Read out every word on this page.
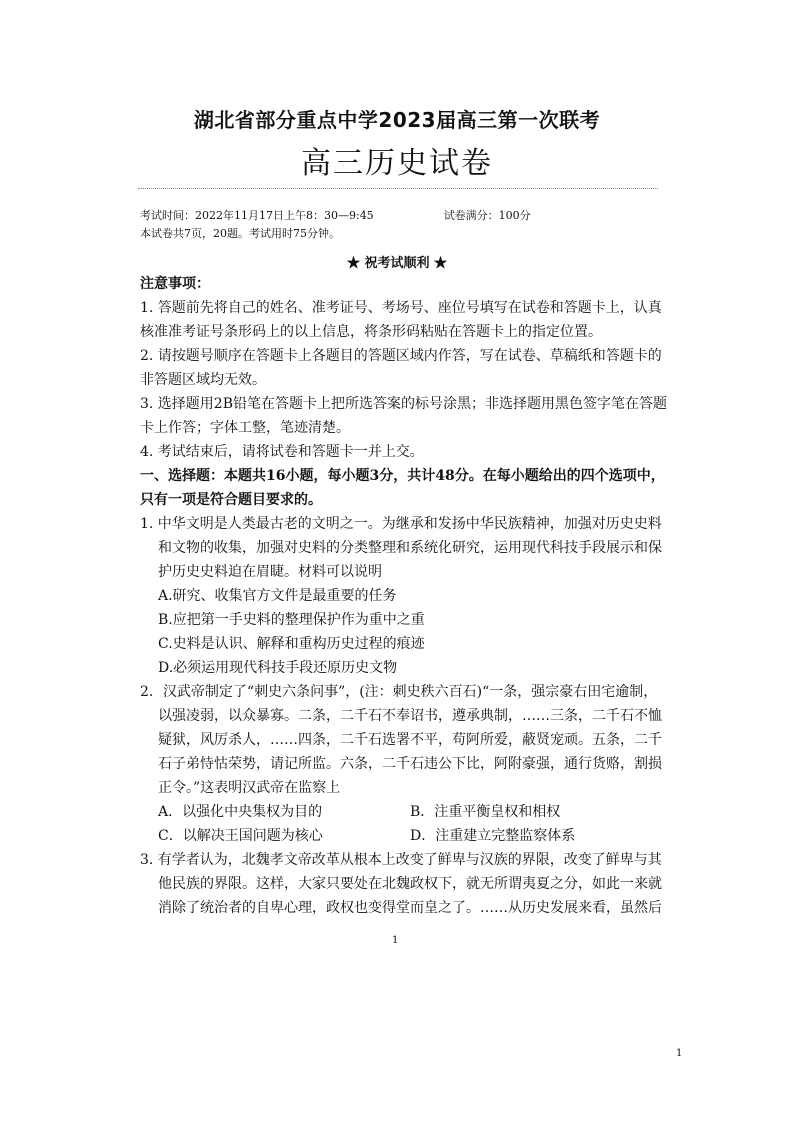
湖北省部分重点中学2023届高三第一次联考
高三历史试卷
考试时间：2022年11月17日上午8：30—9:45	试卷满分：100分
本试卷共7页，20题。考试用时75分钟。
★ 祝考试顺利 ★
注意事项：
1. 答题前先将自己的姓名、准考证号、考场号、座位号填写在试卷和答题卡上，认真
核准准考证号条形码上的以上信息，将条形码粘贴在答题卡上的指定位置。
2. 请按题号顺序在答题卡上各题目的答题区域内作答，写在试卷、草稿纸和答题卡的
非答题区域均无效。
3. 选择题用2B铅笔在答题卡上把所选答案的标号涂黑；非选择题用黑色签字笔在答题
卡上作答；字体工整，笔迹清楚。
4. 考试结束后，请将试卷和答题卡一并上交。
一、选择题：本题共16小题，每小题3分，共计48分。在每小题给出的四个选项中，
只有一项是符合题目要求的。
1. 中华文明是人类最古老的文明之一。为继承和发扬中华民族精神，加强对历史史料
和文物的收集，加强对史料的分类整理和系统化研究，运用现代科技手段展示和保
护历史史料迫在眉睫。材料可以说明
A.研究、收集官方文件是最重要的任务
B.应把第一手史料的整理保护作为重中之重
C.史料是认识、解释和重构历史过程的痕迹
D.必须运用现代科技手段还原历史文物
2．汉武帝制定了“刺史六条问事”，(注：刺史秩六百石)“一条，强宗豪右田宅逾制，
以强凌弱，以众暴寡。二条，二千石不奉诏书，遵承典制，……三条，二千石不恤
疑狱，风厉杀人，……四条，二千石选署不平，苟阿所爱，蔽贤宠顽。五条，二千
石子弟恃怙荣势，请记所监。六条，二千石违公下比，阿附豪强，通行货赂，割损
正令。”这表明汉武帝在监察上
A．以强化中央集权为目的	B．注重平衡皇权和相权
C．以解决王国问题为核心	D．注重建立完整监察体系
3. 有学者认为，北魏孝文帝改革从根本上改变了鲜卑与汉族的界限，改变了鲜卑与其
他民族的界限。这样，大家只要处在北魏政权下，就无所谓夷夏之分，如此一来就
消除了统治者的自卑心理，政权也变得堂而皇之了。……从历史发展来看，虽然后
1
1
